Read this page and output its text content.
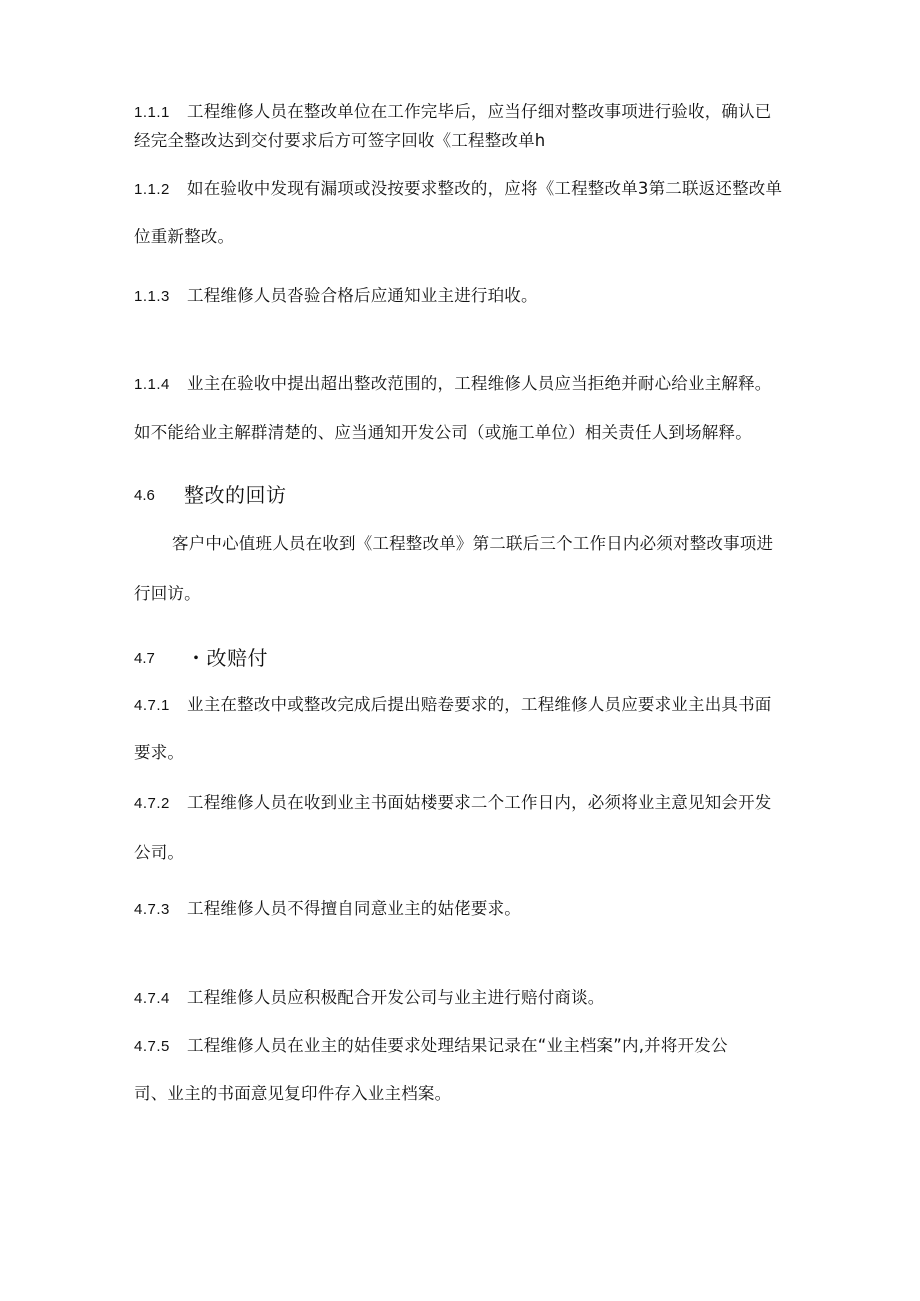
1.1.1 工程维修人员在整改单位在工作完毕后，应当仔细对整改事项进行验收，确认已
经完全整改达到交付要求后方可签字回收《工程整改单h
1.1.2 如在验收中发现有漏项或没按要求整改的，应将《工程整改单3第二联返还整改单
位重新整改。
1.1.3 工程维修人员沓验合格后应通知业主进行珀收。
1.1.4 业主在验收中提出超出整改范围的，工程维修人员应当拒绝并耐心给业主解释。
如不能给业主解群清楚的、应当通知开发公司（或施工单位）相关责任人到场解释。
4.6 整改的回访
客户中心值班人员在收到《工程整改单》第二联后三个工作日内必须对整改事项进
行回访。
4.7 ・改赔付
4.7.1 业主在整改中或整改完成后提出赔卷要求的，工程维修人员应要求业主出具书面
要求。
4.7.2 工程维修人员在收到业主书面姑楼要求二个工作日内，必须将业主意见知会开发
公司。
4.7.3 工程维修人员不得擅自同意业主的姑佬要求。
4.7.4 工程维修人员应积极配合开发公司与业主进行赔付商谈。
4.7.5 工程维修人员在业主的姑佳要求处理结果记录在“业主档案”内,并将开发公
司、业主的书面意见复印件存入业主档案。
